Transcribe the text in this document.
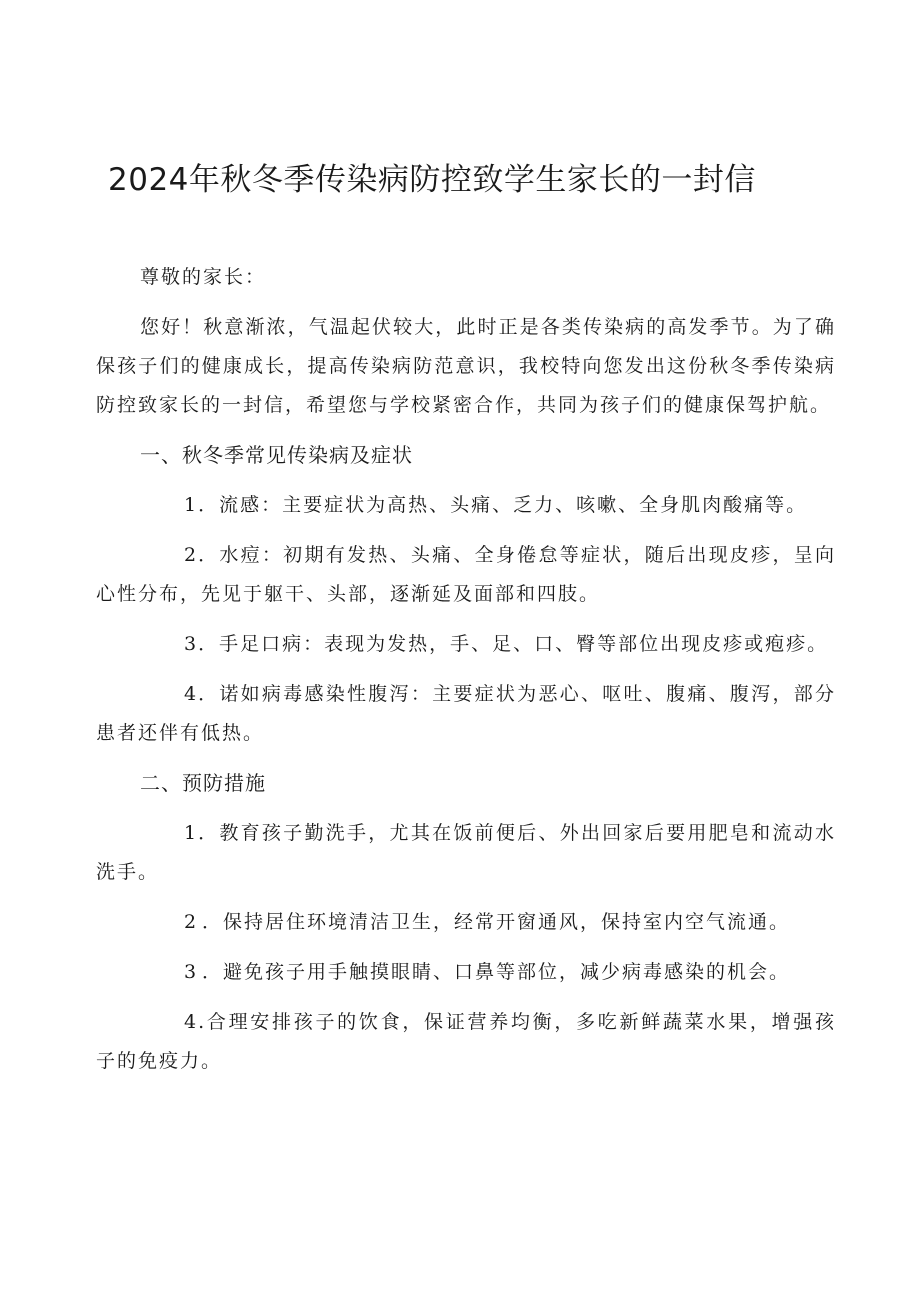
2024年秋冬季传染病防控致学生家长的一封信

尊敬的家长：

您好！秋意渐浓，气温起伏较大，此时正是各类传染病的高发季节。为了确保孩子们的健康成长，提高传染病防范意识，我校特向您发出这份秋冬季传染病防控致家长的一封信，希望您与学校紧密合作，共同为孩子们的健康保驾护航。

一、秋冬季常见传染病及症状

1．流感：主要症状为高热、头痛、乏力、咳嗽、全身肌肉酸痛等。

2．水痘：初期有发热、头痛、全身倦怠等症状，随后出现皮疹，呈向心性分布，先见于躯干、头部，逐渐延及面部和四肢。

3．手足口病：表现为发热，手、足、口、臀等部位出现皮疹或疱疹。

4．诺如病毒感染性腹泻：主要症状为恶心、呕吐、腹痛、腹泻，部分患者还伴有低热。

二、预防措施

1．教育孩子勤洗手，尤其在饭前便后、外出回家后要用肥皂和流动水洗手。

2 ．保持居住环境清洁卫生，经常开窗通风，保持室内空气流通。

3 ．避免孩子用手触摸眼睛、口鼻等部位，减少病毒感染的机会。

4.合理安排孩子的饮食，保证营养均衡，多吃新鲜蔬菜水果，增强孩子的免疫力。
